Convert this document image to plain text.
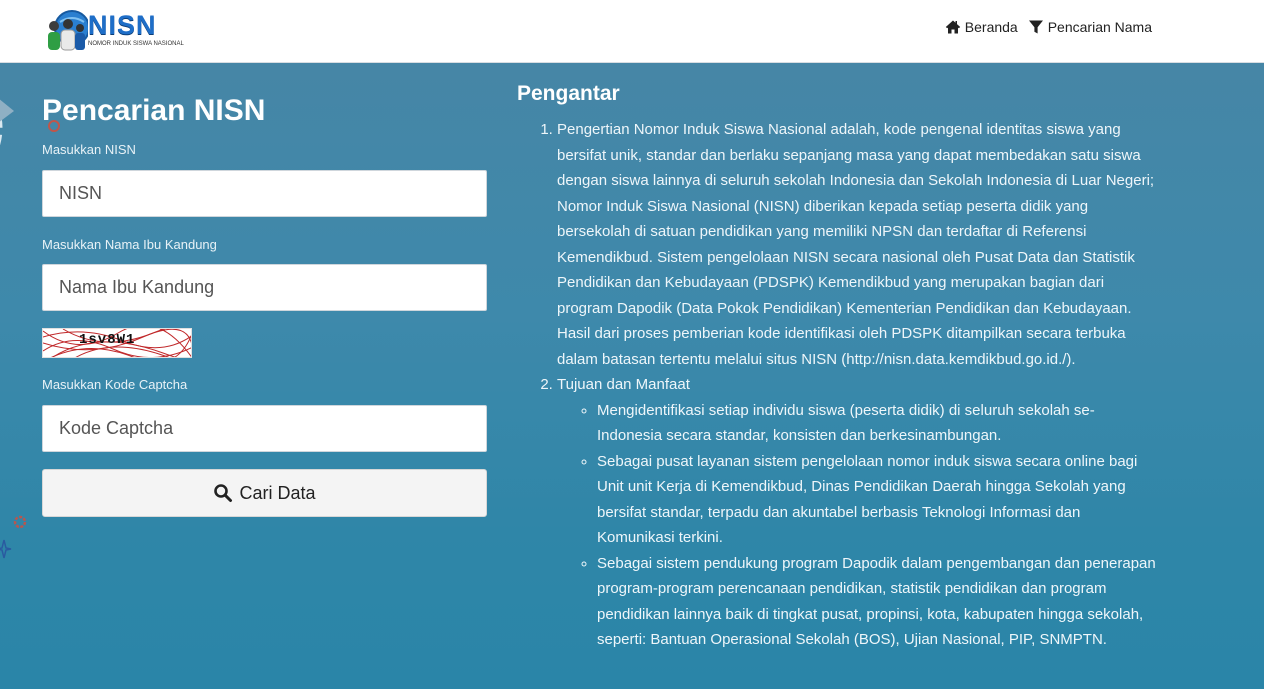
NISN
NOMOR INDUK SISWA NASIONAL
Beranda Pencarian Nama
Pencarian NISN
Masukkan NISN
NISN
Masukkan Nama Ibu Kandung
Nama Ibu Kandung
1sv8W1
Masukkan Kode Captcha
Kode Captcha
Cari Data
Pengantar
1. Pengertian Nomor Induk Siswa Nasional adalah, kode pengenal identitas siswa yang bersifat unik, standar dan berlaku sepanjang masa yang dapat membedakan satu siswa dengan siswa lainnya di seluruh sekolah Indonesia dan Sekolah Indonesia di Luar Negeri; Nomor Induk Siswa Nasional (NISN) diberikan kepada setiap peserta didik yang bersekolah di satuan pendidikan yang memiliki NPSN dan terdaftar di Referensi Kemendikbud. Sistem pengelolaan NISN secara nasional oleh Pusat Data dan Statistik Pendidikan dan Kebudayaan (PDSPK) Kemendikbud yang merupakan bagian dari program Dapodik (Data Pokok Pendidikan) Kementerian Pendidikan dan Kebudayaan. Hasil dari proses pemberian kode identifikasi oleh PDSPK ditampilkan secara terbuka dalam batasan tertentu melalui situs NISN (http://nisn.data.kemdikbud.go.id./).
2. Tujuan dan Manfaat
◦ Mengidentifikasi setiap individu siswa (peserta didik) di seluruh sekolah se-Indonesia secara standar, konsisten dan berkesinambungan.
◦ Sebagai pusat layanan sistem pengelolaan nomor induk siswa secara online bagi Unit unit Kerja di Kemendikbud, Dinas Pendidikan Daerah hingga Sekolah yang bersifat standar, terpadu dan akuntabel berbasis Teknologi Informasi dan Komunikasi terkini.
◦ Sebagai sistem pendukung program Dapodik dalam pengembangan dan penerapan program-program perencanaan pendidikan, statistik pendidikan dan program pendidikan lainnya baik di tingkat pusat, propinsi, kota, kabupaten hingga sekolah, seperti: Bantuan Operasional Sekolah (BOS), Ujian Nasional, PIP, SNMPTN.
